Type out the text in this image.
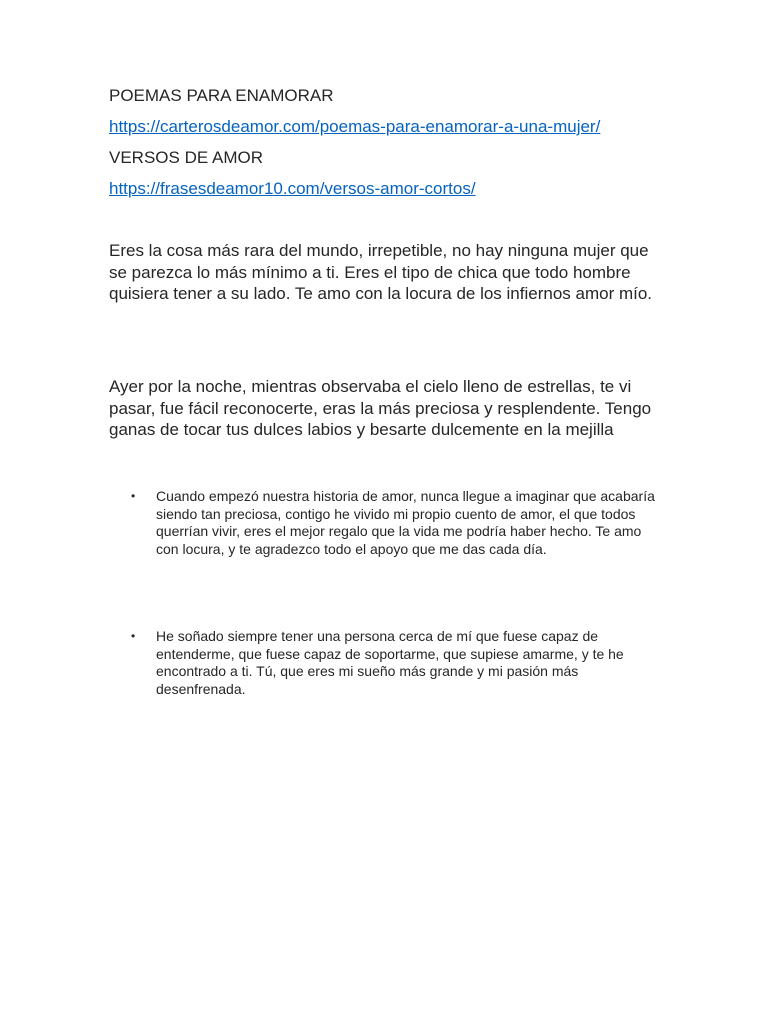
POEMAS PARA ENAMORAR
https://carterosdeamor.com/poemas-para-enamorar-a-una-mujer/
VERSOS DE AMOR
https://frasesdeamor10.com/versos-amor-cortos/

Eres la cosa más rara del mundo, irrepetible, no hay ninguna mujer que se parezca lo más mínimo a ti. Eres el tipo de chica que todo hombre quisiera tener a su lado. Te amo con la locura de los infiernos amor mío.

Ayer por la noche, mientras observaba el cielo lleno de estrellas, te vi pasar, fue fácil reconocerte, eras la más preciosa y resplendente. Tengo ganas de tocar tus dulces labios y besarte dulcemente en la mejilla

• Cuando empezó nuestra historia de amor, nunca llegue a imaginar que acabaría siendo tan preciosa, contigo he vivido mi propio cuento de amor, el que todos querrían vivir, eres el mejor regalo que la vida me podría haber hecho. Te amo con locura, y te agradezco todo el apoyo que me das cada día.
• He soñado siempre tener una persona cerca de mí que fuese capaz de entenderme, que fuese capaz de soportarme, que supiese amarme, y te he encontrado a ti. Tú, que eres mi sueño más grande y mi pasión más desenfrenada.
